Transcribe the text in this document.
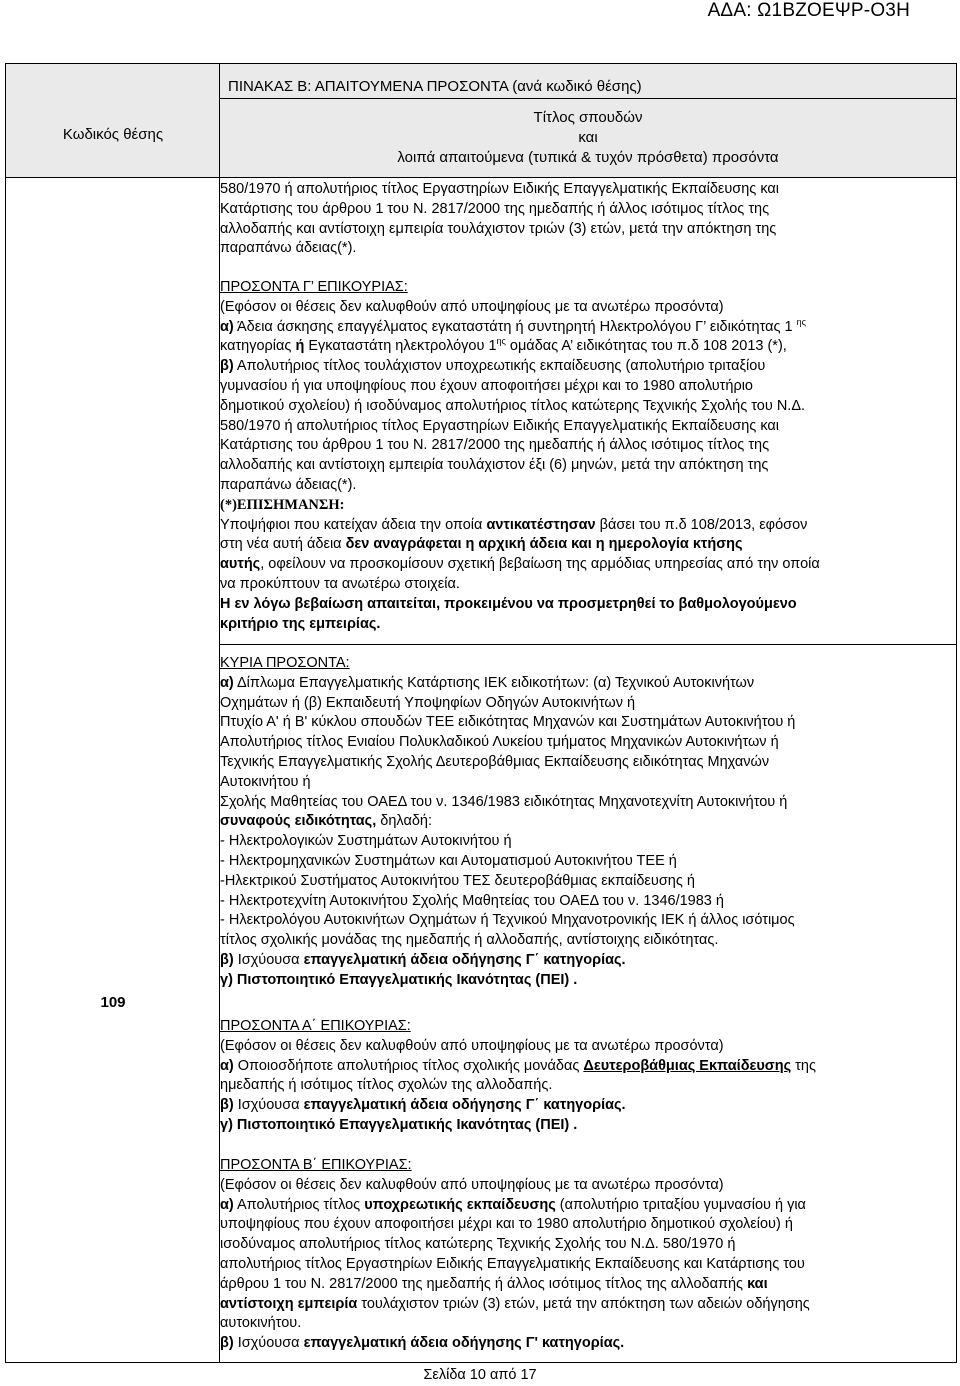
ΑΔΑ: Ω1ΒΖΟΕΨΡ-Ο3Η
Κωδικός θέσης
109
ΠΙΝΑΚΑΣ Β: ΑΠΑΙΤΟΥΜΕΝΑ ΠΡΟΣΟΝΤΑ (ανά κωδικό θέσης)
Τίτλος σπουδών
και
λοιπά απαιτούμενα (τυπικά & τυχόν πρόσθετα) προσόντα

580/1970 ή απολυτήριος τίτλος Εργαστηρίων Ειδικής Επαγγελματικής Εκπαίδευσης και

Κατάρτισης του άρθρου 1 του Ν. 2817/2000 της ημεδαπής ή άλλος ισότιμος τίτλος της

αλλοδαπής και αντίστοιχη εμπειρία τουλάχιστον τριών (3) ετών, μετά την απόκτηση της

παραπάνω άδειας(*).

ΠΡΟΣΟΝΤΑ Γ’ ΕΠΙΚΟΥΡΙΑΣ:

(Εφόσον οι θέσεις δεν καλυφθούν από υποψηφίους με τα ανωτέρω προσόντα)

α) Άδεια άσκησης επαγγέλματος εγκαταστάτη ή συντηρητή Ηλεκτρολόγου Γ’ ειδικότητας 1 $^{\eta\varsigma}$

κατηγορίας ή Εγκαταστάτη ηλεκτρολόγου $1^{\eta\varsigma}$ ομάδας Α’ ειδικότητας του π.δ 108 2013 (*),

β) Απολυτήριος τίτλος τουλάχιστον υποχρεωτικής εκπαίδευσης (απολυτήριο τριταξίου

γυμνασίου ή για υποψηφίους που έχουν αποφοιτήσει μέχρι και το 1980 απολυτήριο

δημοτικού σχολείου) ή ισοδύναμος απολυτήριος τίτλος κατώτερης Τεχνικής Σχολής του Ν.Δ.

580/1970 ή απολυτήριος τίτλος Εργαστηρίων Ειδικής Επαγγελματικής Εκπαίδευσης και

Κατάρτισης του άρθρου 1 του Ν. 2817/2000 της ημεδαπής ή άλλος ισότιμος τίτλος της

αλλοδαπής και αντίστοιχη εμπειρία τουλάχιστον έξι (6) μηνών, μετά την απόκτηση της

παραπάνω άδειας(*).

(*)ΕΠΙΣΗΜΑΝΣΗ:

Υποψήφιοι που κατείχαν άδεια την οποία αντικατέστησαν βάσει του π.δ 108/2013, εφόσον

στη νέα αυτή άδεια δεν αναγράφεται η αρχική άδεια και η ημερολογία κτήσης

αυτής, οφείλουν να προσκομίσουν σχετική βεβαίωση της αρμόδιας υπηρεσίας από την οποία

να προκύπτουν τα ανωτέρω στοιχεία.

Η εν λόγω βεβαίωση απαιτείται, προκειμένου να προσμετρηθεί το βαθμολογούμενο

κριτήριο της εμπειρίας.

ΚΥΡΙΑ ΠΡΟΣΟΝΤΑ:

α) Δίπλωμα Επαγγελματικής Κατάρτισης ΙΕΚ ειδικοτήτων: (α) Τεχνικού Αυτοκινήτων

Οχημάτων ή (β) Εκπαιδευτή Υποψηφίων Οδηγών Αυτοκινήτων ή

Πτυχίο Α' ή Β' κύκλου σπουδών ΤΕΕ ειδικότητας Μηχανών και Συστημάτων Αυτοκινήτου ή

Απολυτήριος τίτλος Ενιαίου Πολυκλαδικού Λυκείου τμήματος Μηχανικών Αυτοκινήτων ή

Τεχνικής Επαγγελματικής Σχολής Δευτεροβάθμιας Εκπαίδευσης ειδικότητας Μηχανών

Αυτοκινήτου ή

Σχολής Μαθητείας του ΟΑΕΔ του ν. 1346/1983 ειδικότητας Μηχανοτεχνίτη Αυτοκινήτου ή

συναφούς ειδικότητας, δηλαδή:

- Ηλεκτρολογικών Συστημάτων Αυτοκινήτου ή

- Ηλεκτρομηχανικών Συστημάτων και Αυτοματισμού Αυτοκινήτου ΤΕΕ ή

-Ηλεκτρικού Συστήματος Αυτοκινήτου ΤΕΣ δευτεροβάθμιας εκπαίδευσης ή

- Ηλεκτροτεχνίτη Αυτοκινήτου Σχολής Μαθητείας του ΟΑΕΔ του ν. 1346/1983 ή

- Ηλεκτρολόγου Αυτοκινήτων Οχημάτων ή Τεχνικού Μηχανοτρονικής ΙΕΚ ή άλλος ισότιμος

τίτλος σχολικής μονάδας της ημεδαπής ή αλλοδαπής, αντίστοιχης ειδικότητας.

β) Ισχύουσα επαγγελματική άδεια οδήγησης Γ΄ κατηγορίας.

γ) Πιστοποιητικό Επαγγελματικής Ικανότητας (ΠΕΙ) .

ΠΡΟΣΟΝΤΑ Α΄ ΕΠΙΚΟΥΡΙΑΣ:

(Εφόσον οι θέσεις δεν καλυφθούν από υποψηφίους με τα ανωτέρω προσόντα)

α) Οποιοσδήποτε απολυτήριος τίτλος σχολικής μονάδας Δευτεροβάθμιας Εκπαίδευσης της

ημεδαπής ή ισότιμος τίτλος σχολών της αλλοδαπής.

β) Ισχύουσα επαγγελματική άδεια οδήγησης Γ΄ κατηγορίας.

γ) Πιστοποιητικό Επαγγελματικής Ικανότητας (ΠΕΙ) .

ΠΡΟΣΟΝΤΑ Β΄ ΕΠΙΚΟΥΡΙΑΣ:

(Εφόσον οι θέσεις δεν καλυφθούν από υποψηφίους με τα ανωτέρω προσόντα)

α) Απολυτήριος τίτλος υποχρεωτικής εκπαίδευσης (απολυτήριο τριταξίου γυμνασίου ή για

υποψηφίους που έχουν αποφοιτήσει μέχρι και το 1980 απολυτήριο δημοτικού σχολείου) ή

ισοδύναμος απολυτήριος τίτλος κατώτερης Τεχνικής Σχολής του Ν.Δ. 580/1970 ή

απολυτήριος τίτλος Εργαστηρίων Ειδικής Επαγγελματικής Εκπαίδευσης και Κατάρτισης του

άρθρου 1 του Ν. 2817/2000 της ημεδαπής ή άλλος ισότιμος τίτλος της αλλοδαπής και

αντίστοιχη εμπειρία τουλάχιστον τριών (3) ετών, μετά την απόκτηση των αδειών οδήγησης

αυτοκινήτου.

β) Ισχύουσα επαγγελματική άδεια οδήγησης Γ' κατηγορίας.

Σελίδα 10 από 17
